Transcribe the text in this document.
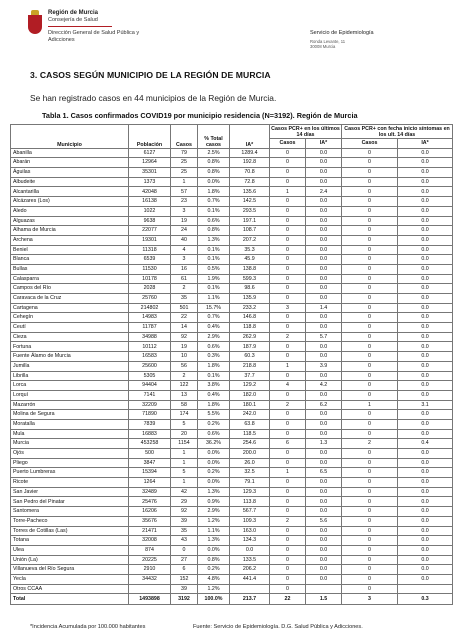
Región de Murcia
Consejería de Salud
Dirección General de Salud Pública y Adicciones
Servicio de Epidemiología
Ronda Levante, 11
30008 Murcia
3. CASOS SEGÚN MUNICIPIO DE LA REGIÓN DE MURCIA
Se han registrado casos en 44 municipios de la Región de Murcia.
Tabla 1. Casos confirmados COVID19 por municipio residencia (N=3192). Región de Murcia
Municipio	Población	Casos	% Total casos	IA*	Casos PCR+ en los últimos 14 días		Casos PCR+ con fecha inicio síntomas en los ult. 14 días	
					Casos	IA*	Casos	IA*
Abanilla	6127	79	2.5%	1289.4	0	0.0	0	0.0
Abarán	12964	25	0.8%	192.8	0	0.0	0	0.0
Águilas	35301	25	0.8%	70.8	0	0.0	0	0.0
Albudeite	1373	1	0.0%	72.8	0	0.0	0	0.0
Alcantarilla	42048	57	1.8%	135.6	1	2.4	0	0.0
Alcázares (Los)	16138	23	0.7%	142.5	0	0.0	0	0.0
Aledo	1022	3	0.1%	293.5	0	0.0	0	0.0
Alguazas	9638	19	0.6%	197.1	0	0.0	0	0.0
Alhama de Murcia	22077	24	0.8%	108.7	0	0.0	0	0.0
Archena	19301	40	1.3%	207.2	0	0.0	0	0.0
Beniel	11318	4	0.1%	35.3	0	0.0	0	0.0
Blanca	6539	3	0.1%	45.9	0	0.0	0	0.0
Bullas	11530	16	0.5%	138.8	0	0.0	0	0.0
Calasparra	10178	61	1.9%	599.3	0	0.0	0	0.0
Campos del Río	2028	2	0.1%	98.6	0	0.0	0	0.0
Caravaca de la Cruz	25760	35	1.1%	135.9	0	0.0	0	0.0
Cartagena	214802	501	15.7%	233.2	3	1.4	0	0.0
Cehegín	14983	22	0.7%	146.8	0	0.0	0	0.0
Ceutí	11787	14	0.4%	118.8	0	0.0	0	0.0
Cieza	34988	92	2.9%	262.9	2	5.7	0	0.0
Fortuna	10112	19	0.6%	187.9	0	0.0	0	0.0
Fuente Álamo de Murcia	16583	10	0.3%	60.3	0	0.0	0	0.0
Jumilla	25600	56	1.8%	218.8	1	3.9	0	0.0
Librilla	5305	2	0.1%	37.7	0	0.0	0	0.0
Lorca	94404	122	3.8%	129.2	4	4.2	0	0.0
Lorquí	7141	13	0.4%	182.0	0	0.0	0	0.0
Mazarrón	32209	58	1.8%	180.1	2	6.2	1	3.1
Molina de Segura	71890	174	5.5%	242.0	0	0.0	0	0.0
Moratalla	7839	5	0.2%	63.8	0	0.0	0	0.0
Mula	16883	20	0.6%	118.5	0	0.0	0	0.0
Murcia	453258	1154	36.2%	254.6	6	1.3	2	0.4
Ojós	500	1	0.0%	200.0	0	0.0	0	0.0
Pliego	3847	1	0.0%	26.0	0	0.0	0	0.0
Puerto Lumbreras	15394	5	0.2%	32.5	1	6.5	0	0.0
Ricote	1264	1	0.0%	79.1	0	0.0	0	0.0
San Javier	32489	42	1.3%	129.3	0	0.0	0	0.0
San Pedro del Pinatar	25476	29	0.9%	113.8	0	0.0	0	0.0
Santomera	16206	92	2.9%	567.7	0	0.0	0	0.0
Torre-Pacheco	35676	39	1.2%	109.3	2	5.6	0	0.0
Torres de Cotillas (Las)	21471	35	1.1%	163.0	0	0.0	0	0.0
Totana	32008	43	1.3%	134.3	0	0.0	0	0.0
Ulea	874	0	0.0%	0.0	0	0.0	0	0.0
Unión (La)	20225	27	0.8%	133.5	0	0.0	0	0.0
Villanueva del Río Segura	2910	6	0.2%	206.2	0	0.0	0	0.0
Yecla	34432	152	4.8%	441.4	0	0.0	0	0.0
Otros CCAA		39	1.2%		0		0	
Total	1493898	3192	100.0%	213.7	22	1.5	3	0.3
*Incidencia Acumulada por 100.000 habitantes	Fuente: Servicio de Epidemiología. D.G. Salud Pública y Adicciones.
